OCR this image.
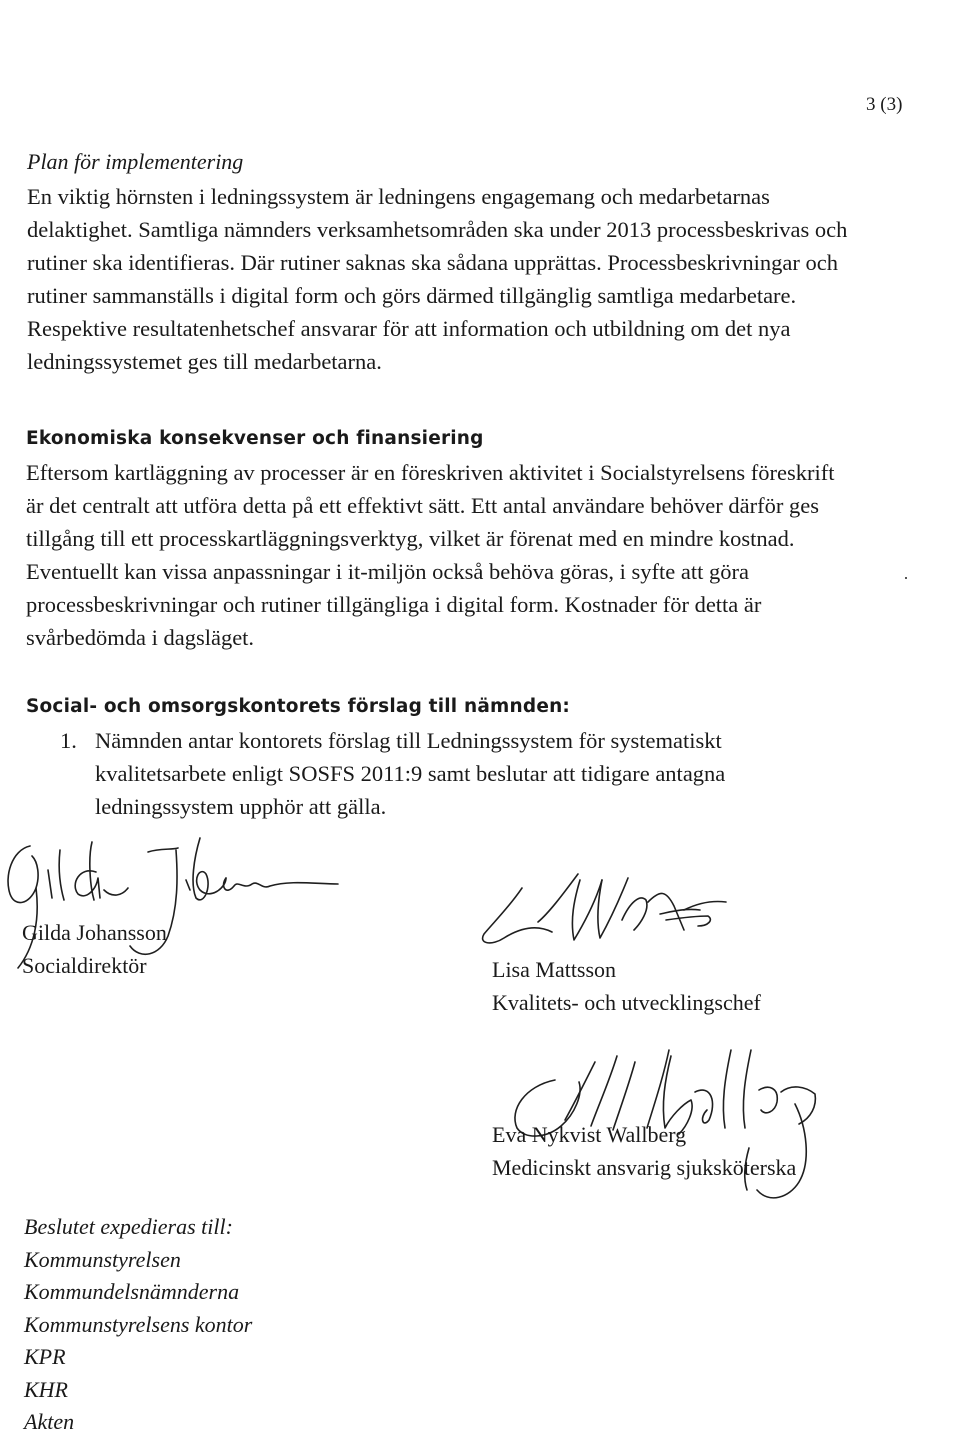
3 (3)
Plan för implementering
En viktig hörnsten i ledningssystem är ledningens engagemang och medarbetarnas
delaktighet. Samtliga nämnders verksamhetsområden ska under 2013 processbeskrivas och
rutiner ska identifieras. Där rutiner saknas ska sådana upprättas. Processbeskrivningar och
rutiner sammanställs i digital form och görs därmed tillgänglig samtliga medarbetare.
Respektive resultatenhetschef ansvarar för att information och utbildning om det nya
ledningssystemet ges till medarbetarna.
Ekonomiska konsekvenser och finansiering
Eftersom kartläggning av processer är en föreskriven aktivitet i Socialstyrelsens föreskrift
är det centralt att utföra detta på ett effektivt sätt. Ett antal användare behöver därför ges
tillgång till ett processkartläggningsverktyg, vilket är förenat med en mindre kostnad.
Eventuellt kan vissa anpassningar i it-miljön också behöva göras, i syfte att göra
processbeskrivningar och rutiner tillgängliga i digital form. Kostnader för detta är
svårbedömda i dagsläget.
Social- och omsorgskontorets förslag till nämnden:
1. Nämnden antar kontorets förslag till Ledningssystem för systematiskt
kvalitetsarbete enligt SOSFS 2011:9 samt beslutar att tidigare antagna
ledningssystem upphör att gälla.
Gilda Johansson
Socialdirektör	Lisa Mattsson
Kvalitets- och utvecklingschef
Eva Nykvist Wallberg
Medicinskt ansvarig sjuksköterska
Beslutet expedieras till:
Kommunstyrelsen
Kommundelsnämnderna
Kommunstyrelsens kontor
KPR
KHR
Akten
